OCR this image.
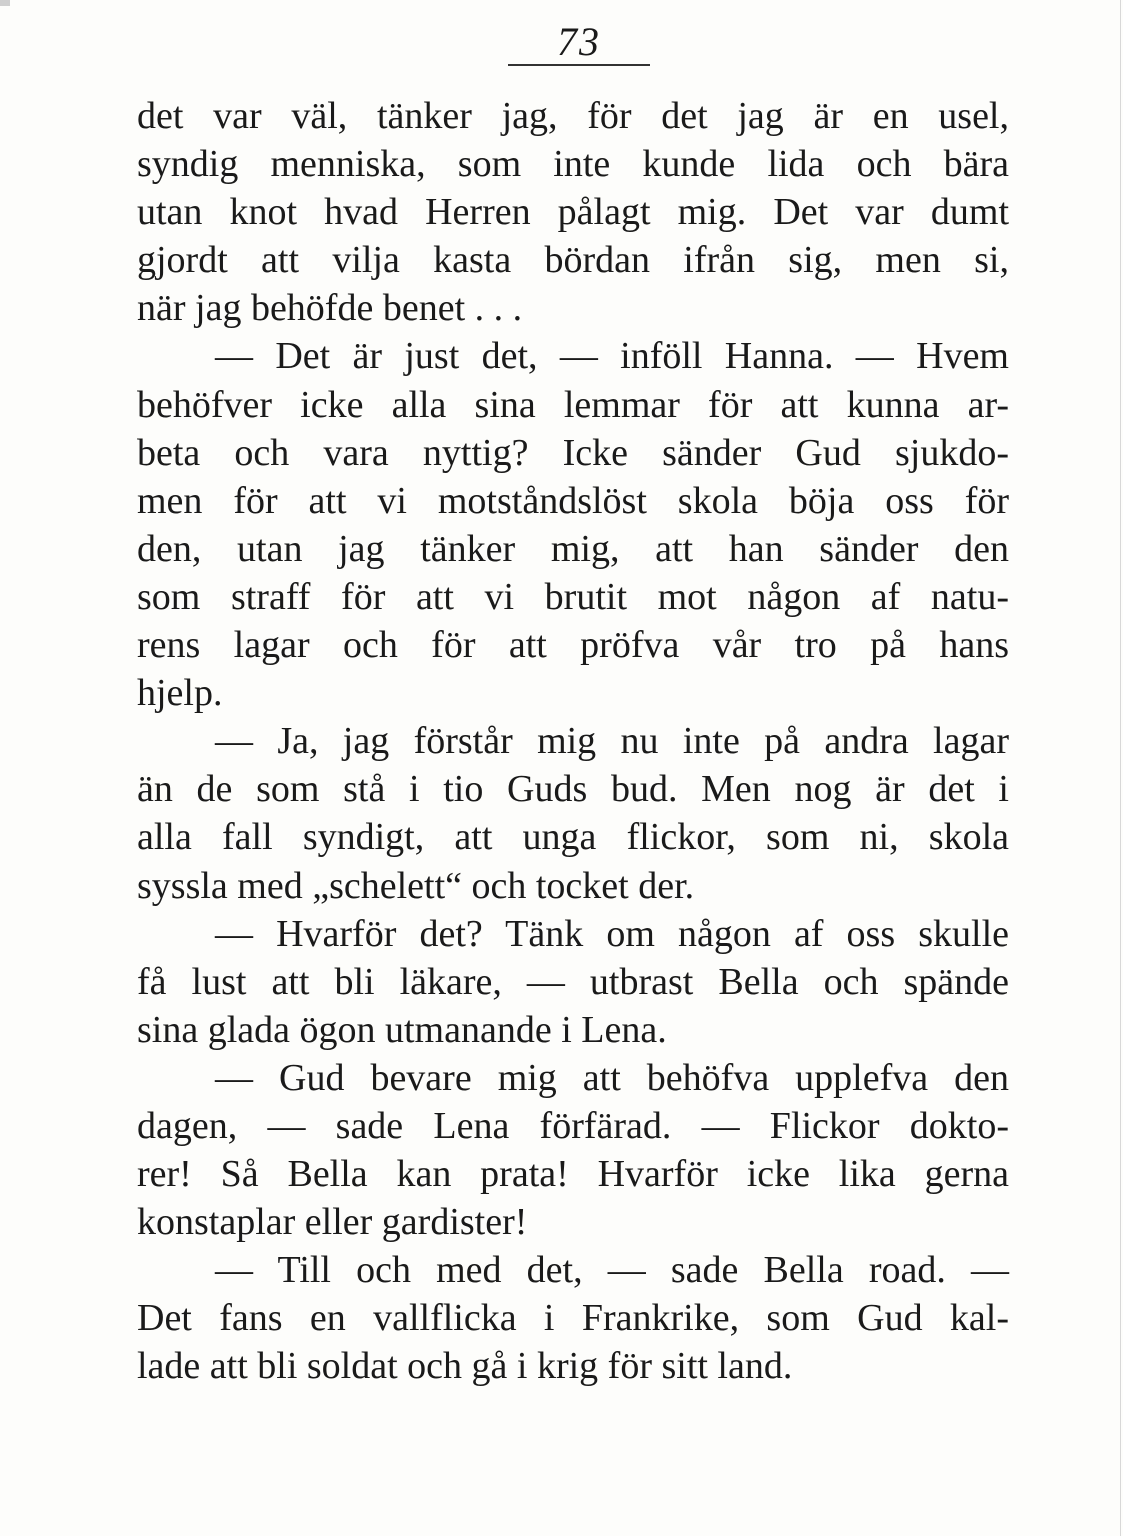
73
det var väl, tänker jag, för det jag är en usel,
syndig menniska, som inte kunde lida och bära
utan knot hvad Herren pålagt mig. Det var dumt
gjordt att vilja kasta bördan ifrån sig, men si,
när jag behöfde benet . . .
— Det är just det, — inföll Hanna. — Hvem
behöfver icke alla sina lemmar för att kunna ar-
beta och vara nyttig? Icke sänder Gud sjukdo-
men för att vi motståndslöst skola böja oss för
den, utan jag tänker mig, att han sänder den
som straff för att vi brutit mot någon af natu-
rens lagar och för att pröfva vår tro på hans
hjelp.
— Ja, jag förstår mig nu inte på andra lagar
än de som stå i tio Guds bud. Men nog är det i
alla fall syndigt, att unga flickor, som ni, skola
syssla med „schelett“ och tocket der.
— Hvarför det? Tänk om någon af oss skulle
få lust att bli läkare, — utbrast Bella och spände
sina glada ögon utmanande i Lena.
— Gud bevare mig att behöfva upplefva den
dagen, — sade Lena förfärad. — Flickor dokto-
rer! Så Bella kan prata! Hvarför icke lika gerna
konstaplar eller gardister!
— Till och med det, — sade Bella road. —
Det fans en vallflicka i Frankrike, som Gud kal-
lade att bli soldat och gå i krig för sitt land.
